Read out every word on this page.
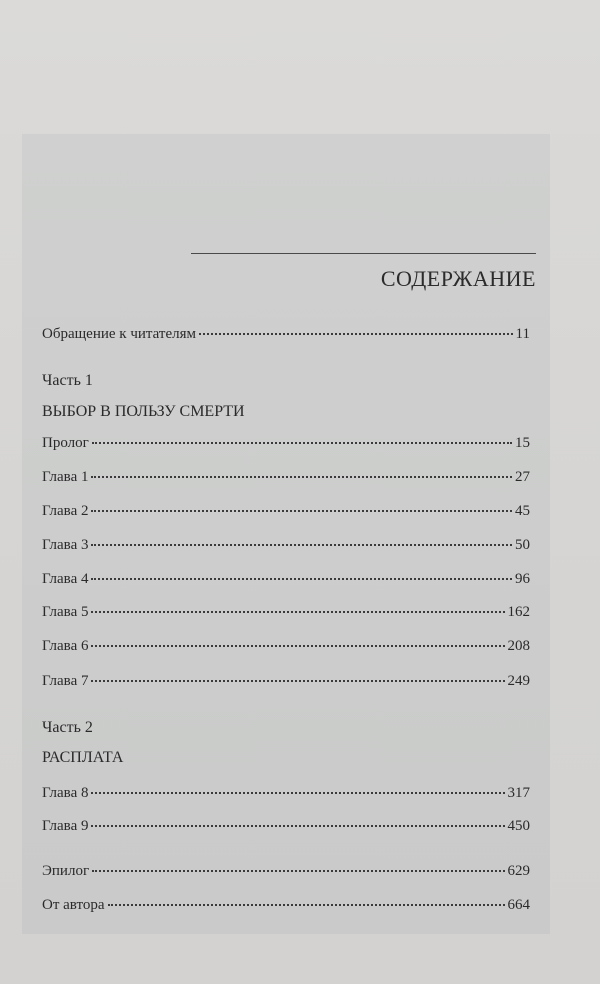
СОДЕРЖАНИЕ
Обращение к читателям	11
Часть 1
ВЫБОР В ПОЛЬЗУ СМЕРТИ
Пролог	15
Глава 1	27
Глава 2	45
Глава 3	50
Глава 4	96
Глава 5	162
Глава 6	208
Глава 7	249
Часть 2
РАСПЛАТА
Глава 8	317
Глава 9	450
Эпилог	629
От автора	664
